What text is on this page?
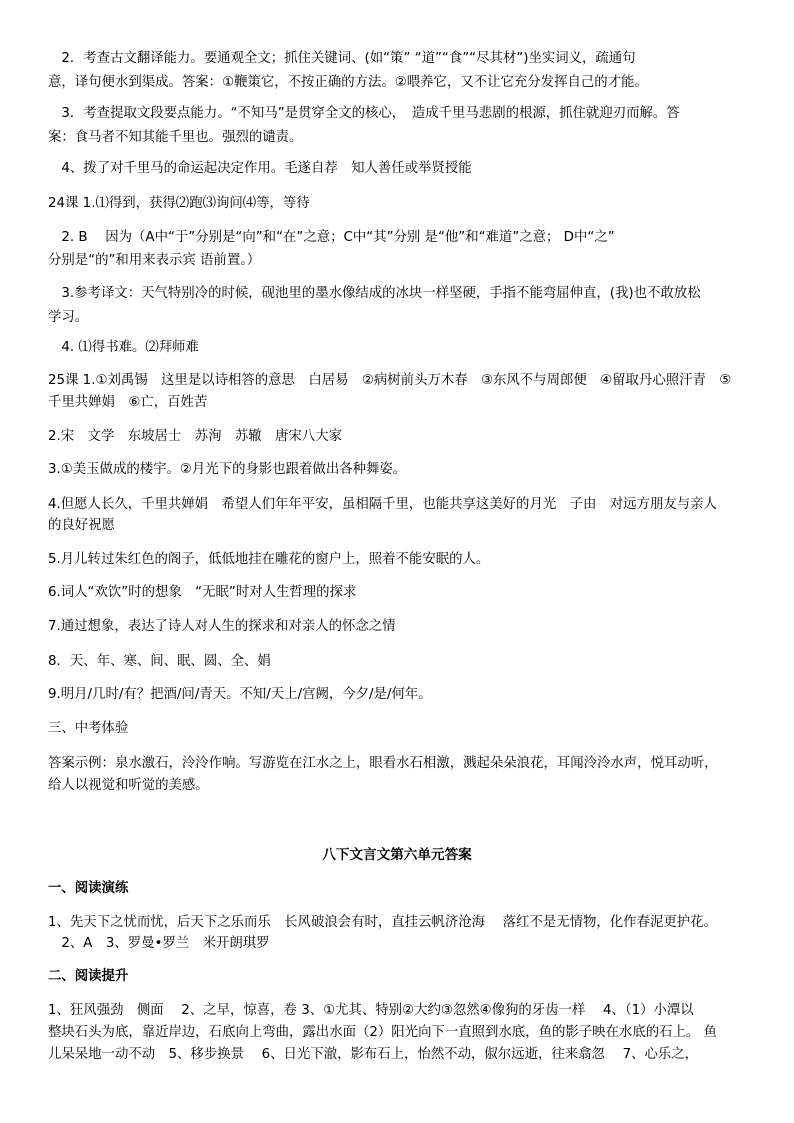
　2．考查古文翻译能力。要通观全文；抓住关键词、(如“策” “道”“食”“尽其材”)坐实词义，疏通句

意，译句便水到渠成。答案：①鞭策它，不按正确的方法。②喂养它，又不让它充分发挥自己的才能。

　3．考查提取文段要点能力。“不知马”是贯穿全文的核心，　造成千里马悲剧的根源，抓住就迎刃而解。答

案：食马者不知其能千里也。强烈的谴责。

　4、拨了对千里马的命运起决定作用。毛遂自荐　知人善任或举贤授能

24课 1.⑴得到，获得⑵跑⑶询问⑷等，等待

　2. B　 因为（A中“于”分别是“向”和“在”之意；C中“其”分别 是“他”和“难道”之意； D中“之”

分别是“的”和用来表示宾 语前置。）

　3.参考译文：天气特别冷的时候，砚池里的墨水像结成的冰块一样坚硬，手指不能弯屈伸直，(我)也不敢放松

学习。

　4. ⑴得书难。⑵拜师难

25课 1.①刘禹锡　这里是以诗相答的意思　白居易　②病树前头万木春　③东风不与周郎便　④留取丹心照汗青　⑤

千里共婵娟　⑥亡，百姓苦

2.宋　文学　东坡居士　苏洵　苏辙　唐宋八大家

3.①美玉做成的楼宇。②月光下的身影也跟着做出各种舞姿。

4.但愿人长久，千里共婵娟　希望人们年年平安，虽相隔千里，也能共享这美好的月光　子由　对远方朋友与亲人

的良好祝愿

5.月儿转过朱红色的阁子，低低地挂在雕花的窗户上，照着不能安眠的人。

6.词人“欢饮”时的想象　“无眠”时对人生哲理的探求

7.通过想象，表达了诗人对人生的探求和对亲人的怀念之情

8．天、年、寒、间、眠、圆、全、娟

9.明月/几时/有？把酒/问/青天。不知/天上/宫阙，今夕/是/何年。

三、中考体验

答案示例：泉水激石，泠泠作响。写游览在江水之上，眼看水石相激，溅起朵朵浪花，耳闻泠泠水声，悦耳动听，

给人以视觉和听觉的美感。

八下文言文第六单元答案

一、阅读演练

1、先天下之忧而忧，后天下之乐而乐　长风破浪会有时，直挂云帆济沧海　 落红不是无情物，化作春泥更护花。

　2、A　3、罗曼•罗兰　米开朗琪罗

二、阅读提升

1、狂风强劲　侧面　 2、之早，惊喜，卷 3、①尤其、特别②大约③忽然④像狗的牙齿一样　 4、（1）小潭以

整块石头为底，靠近岸边，石底向上弯曲，露出水面（2）阳光向下一直照到水底，鱼的影子映在水底的石上。 鱼

儿呆呆地一动不动　5、移步换景　 6、日光下澈，影布石上，怡然不动，俶尔远逝，往来翕忽　 7、心乐之，
